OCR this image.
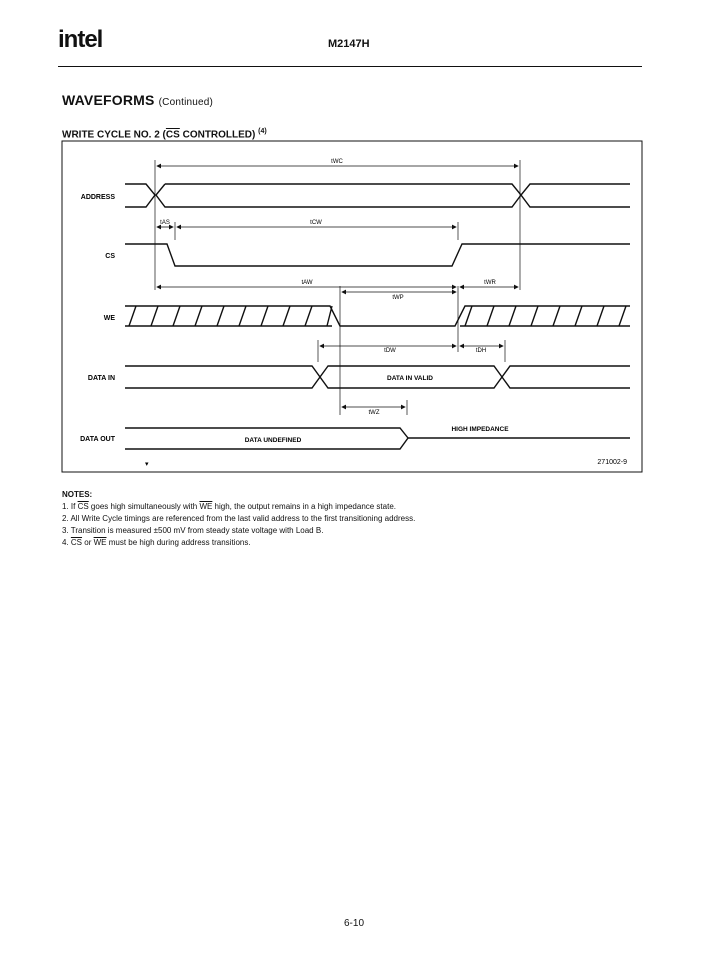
intel	M2147H
WAVEFORMS (Continued)
WRITE CYCLE NO. 2 ($\overline{CS}$ CONTROLLED) $^{(4)}$
ADDRESS
CS
WE
DATA IN
DATA OUT
DATA IN VALID
DATA UNDEFINED
HIGH IMPEDANCE
271002-9
▾
tWC
tAS	tCW
tAW
tWP
tWR
tDW	tDH
tWZ

NOTES:

1. If $\overline{CS}$ goes high simultaneously with $\overline{WE}$ high, the output remains in a high impedance state.

2. All Write Cycle timings are referenced from the last valid address to the first transitioning address.

3. Transition is measured ±500 mV from steady state voltage with Load B.

4. $\overline{CS}$ or $\overline{WE}$ must be high during address transitions.

6-10
